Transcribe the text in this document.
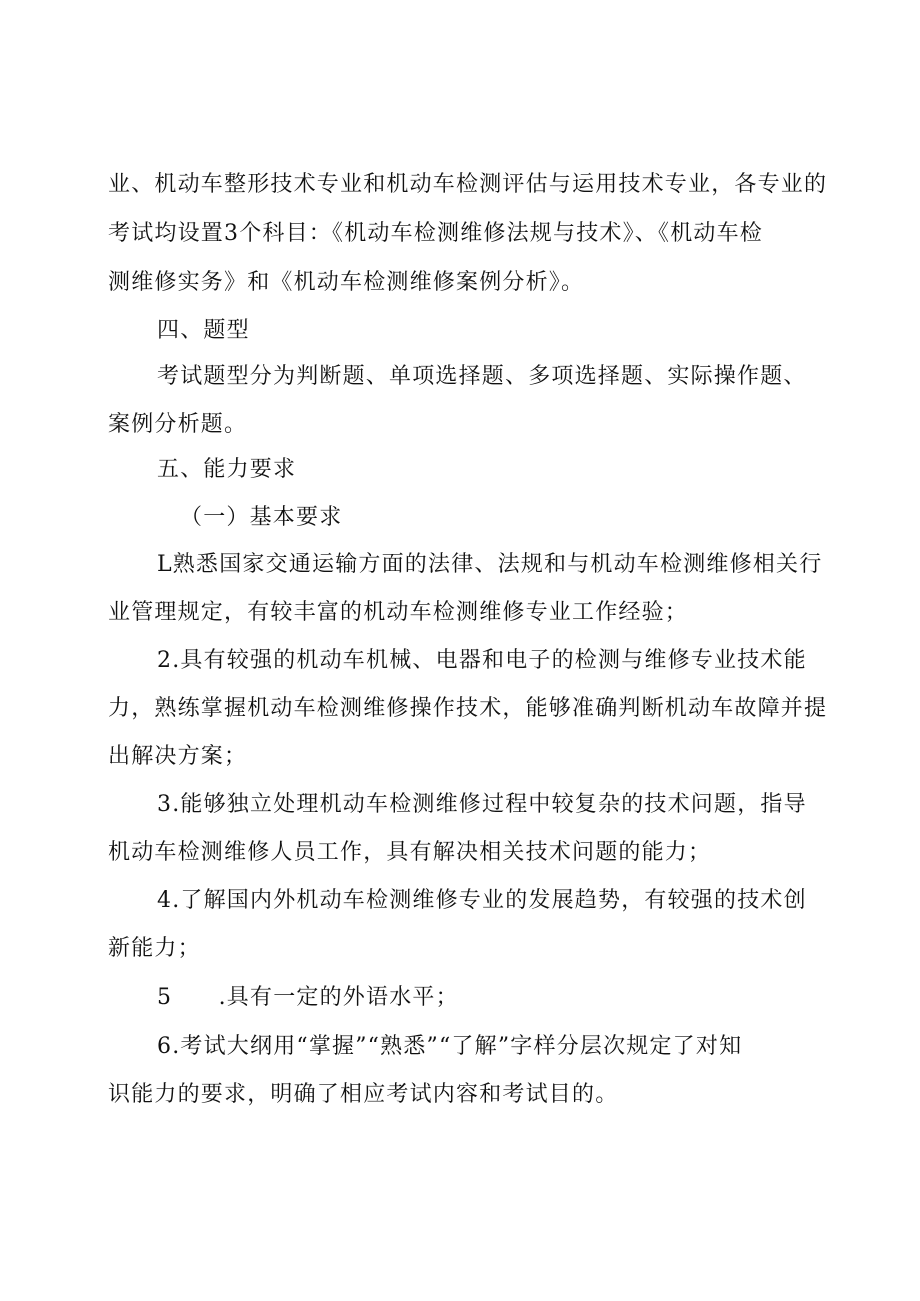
业、机动车整形技术专业和机动车检测评估与运用技术专业，各专业的
考试均设置3个科目：《机动车检测维修法规与技术》、《机动车检
测维修实务》和《机动车检测维修案例分析》。
四、题型
考试题型分为判断题、单项选择题、多项选择题、实际操作题、
案例分析题。
五、能力要求
（一）基本要求
L熟悉国家交通运输方面的法律、法规和与机动车检测维修相关行
业管理规定，有较丰富的机动车检测维修专业工作经验；
2.具有较强的机动车机械、电器和电子的检测与维修专业技术能
力，熟练掌握机动车检测维修操作技术，能够准确判断机动车故障并提
出解决方案；
3.能够独立处理机动车检测维修过程中较复杂的技术问题，指导
机动车检测维修人员工作，具有解决相关技术问题的能力；
4.了解国内外机动车检测维修专业的发展趋势，有较强的技术创
新能力；
5　　.具有一定的外语水平；
6.考试大纲用“掌握”“熟悉”“了解”字样分层次规定了对知
识能力的要求，明确了相应考试内容和考试目的。
